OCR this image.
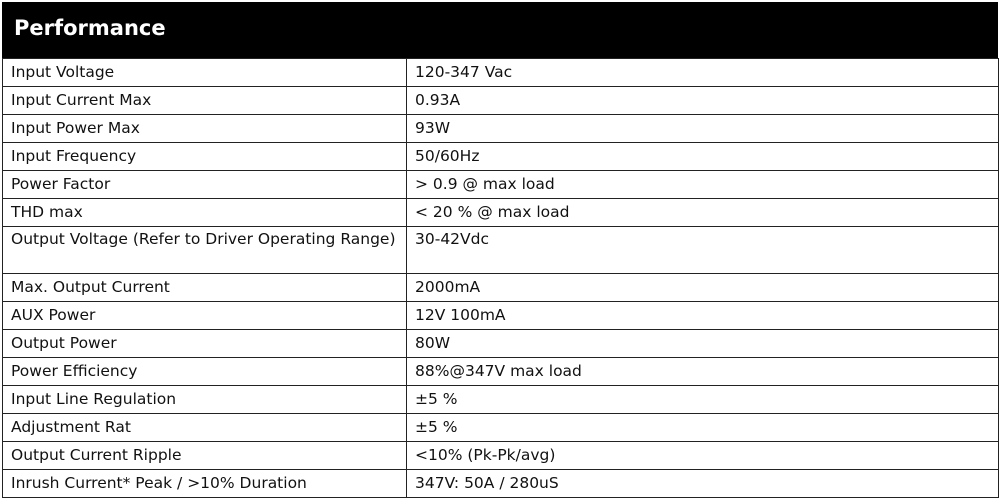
Performance
Input Voltage	120-347 Vac
Input Current Max	0.93A
Input Power Max	93W
Input Frequency	50/60Hz
Power Factor	> 0.9 @ max load
THD max	< 20 % @ max load
Output Voltage (Refer to Driver Operating Range)	30-42Vdc
Max. Output Current	2000mA
AUX Power	12V 100mA
Output Power	80W
Power Efficiency	88%@347V max load
Input Line Regulation	±5 %
Adjustment Rat	±5 %
Output Current Ripple	<10% (Pk-Pk/avg)
Inrush Current* Peak / >10% Duration	347V: 50A / 280uS
